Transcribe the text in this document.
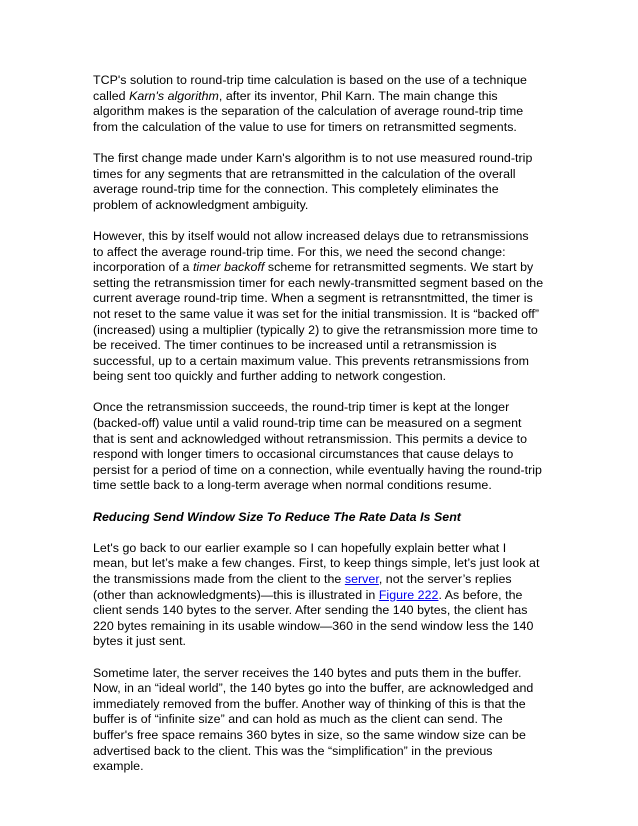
TCP's solution to round-trip time calculation is based on the use of a technique
called Karn's algorithm, after its inventor, Phil Karn. The main change this
algorithm makes is the separation of the calculation of average round-trip time
from the calculation of the value to use for timers on retransmitted segments.

The first change made under Karn's algorithm is to not use measured round-trip
times for any segments that are retransmitted in the calculation of the overall
average round-trip time for the connection. This completely eliminates the
problem of acknowledgment ambiguity.

However, this by itself would not allow increased delays due to retransmissions
to affect the average round-trip time. For this, we need the second change:
incorporation of a timer backoff scheme for retransmitted segments. We start by
setting the retransmission timer for each newly-transmitted segment based on the
current average round-trip time. When a segment is retransntmitted, the timer is
not reset to the same value it was set for the initial transmission. It is “backed off”
(increased) using a multiplier (typically 2) to give the retransmission more time to
be received. The timer continues to be increased until a retransmission is
successful, up to a certain maximum value. This prevents retransmissions from
being sent too quickly and further adding to network congestion.

Once the retransmission succeeds, the round-trip timer is kept at the longer
(backed-off) value until a valid round-trip time can be measured on a segment
that is sent and acknowledged without retransmission. This permits a device to
respond with longer timers to occasional circumstances that cause delays to
persist for a period of time on a connection, while eventually having the round-trip
time settle back to a long-term average when normal conditions resume.

Reducing Send Window Size To Reduce The Rate Data Is Sent

Let's go back to our earlier example so I can hopefully explain better what I
mean, but let’s make a few changes. First, to keep things simple, let’s just look at
the transmissions made from the client to the server, not the server’s replies
(other than acknowledgments)—this is illustrated in Figure 222. As before, the
client sends 140 bytes to the server. After sending the 140 bytes, the client has
220 bytes remaining in its usable window—360 in the send window less the 140
bytes it just sent.

Sometime later, the server receives the 140 bytes and puts them in the buffer.
Now, in an “ideal world”, the 140 bytes go into the buffer, are acknowledged and
immediately removed from the buffer. Another way of thinking of this is that the
buffer is of “infinite size” and can hold as much as the client can send. The
buffer's free space remains 360 bytes in size, so the same window size can be
advertised back to the client. This was the “simplification” in the previous
example.
